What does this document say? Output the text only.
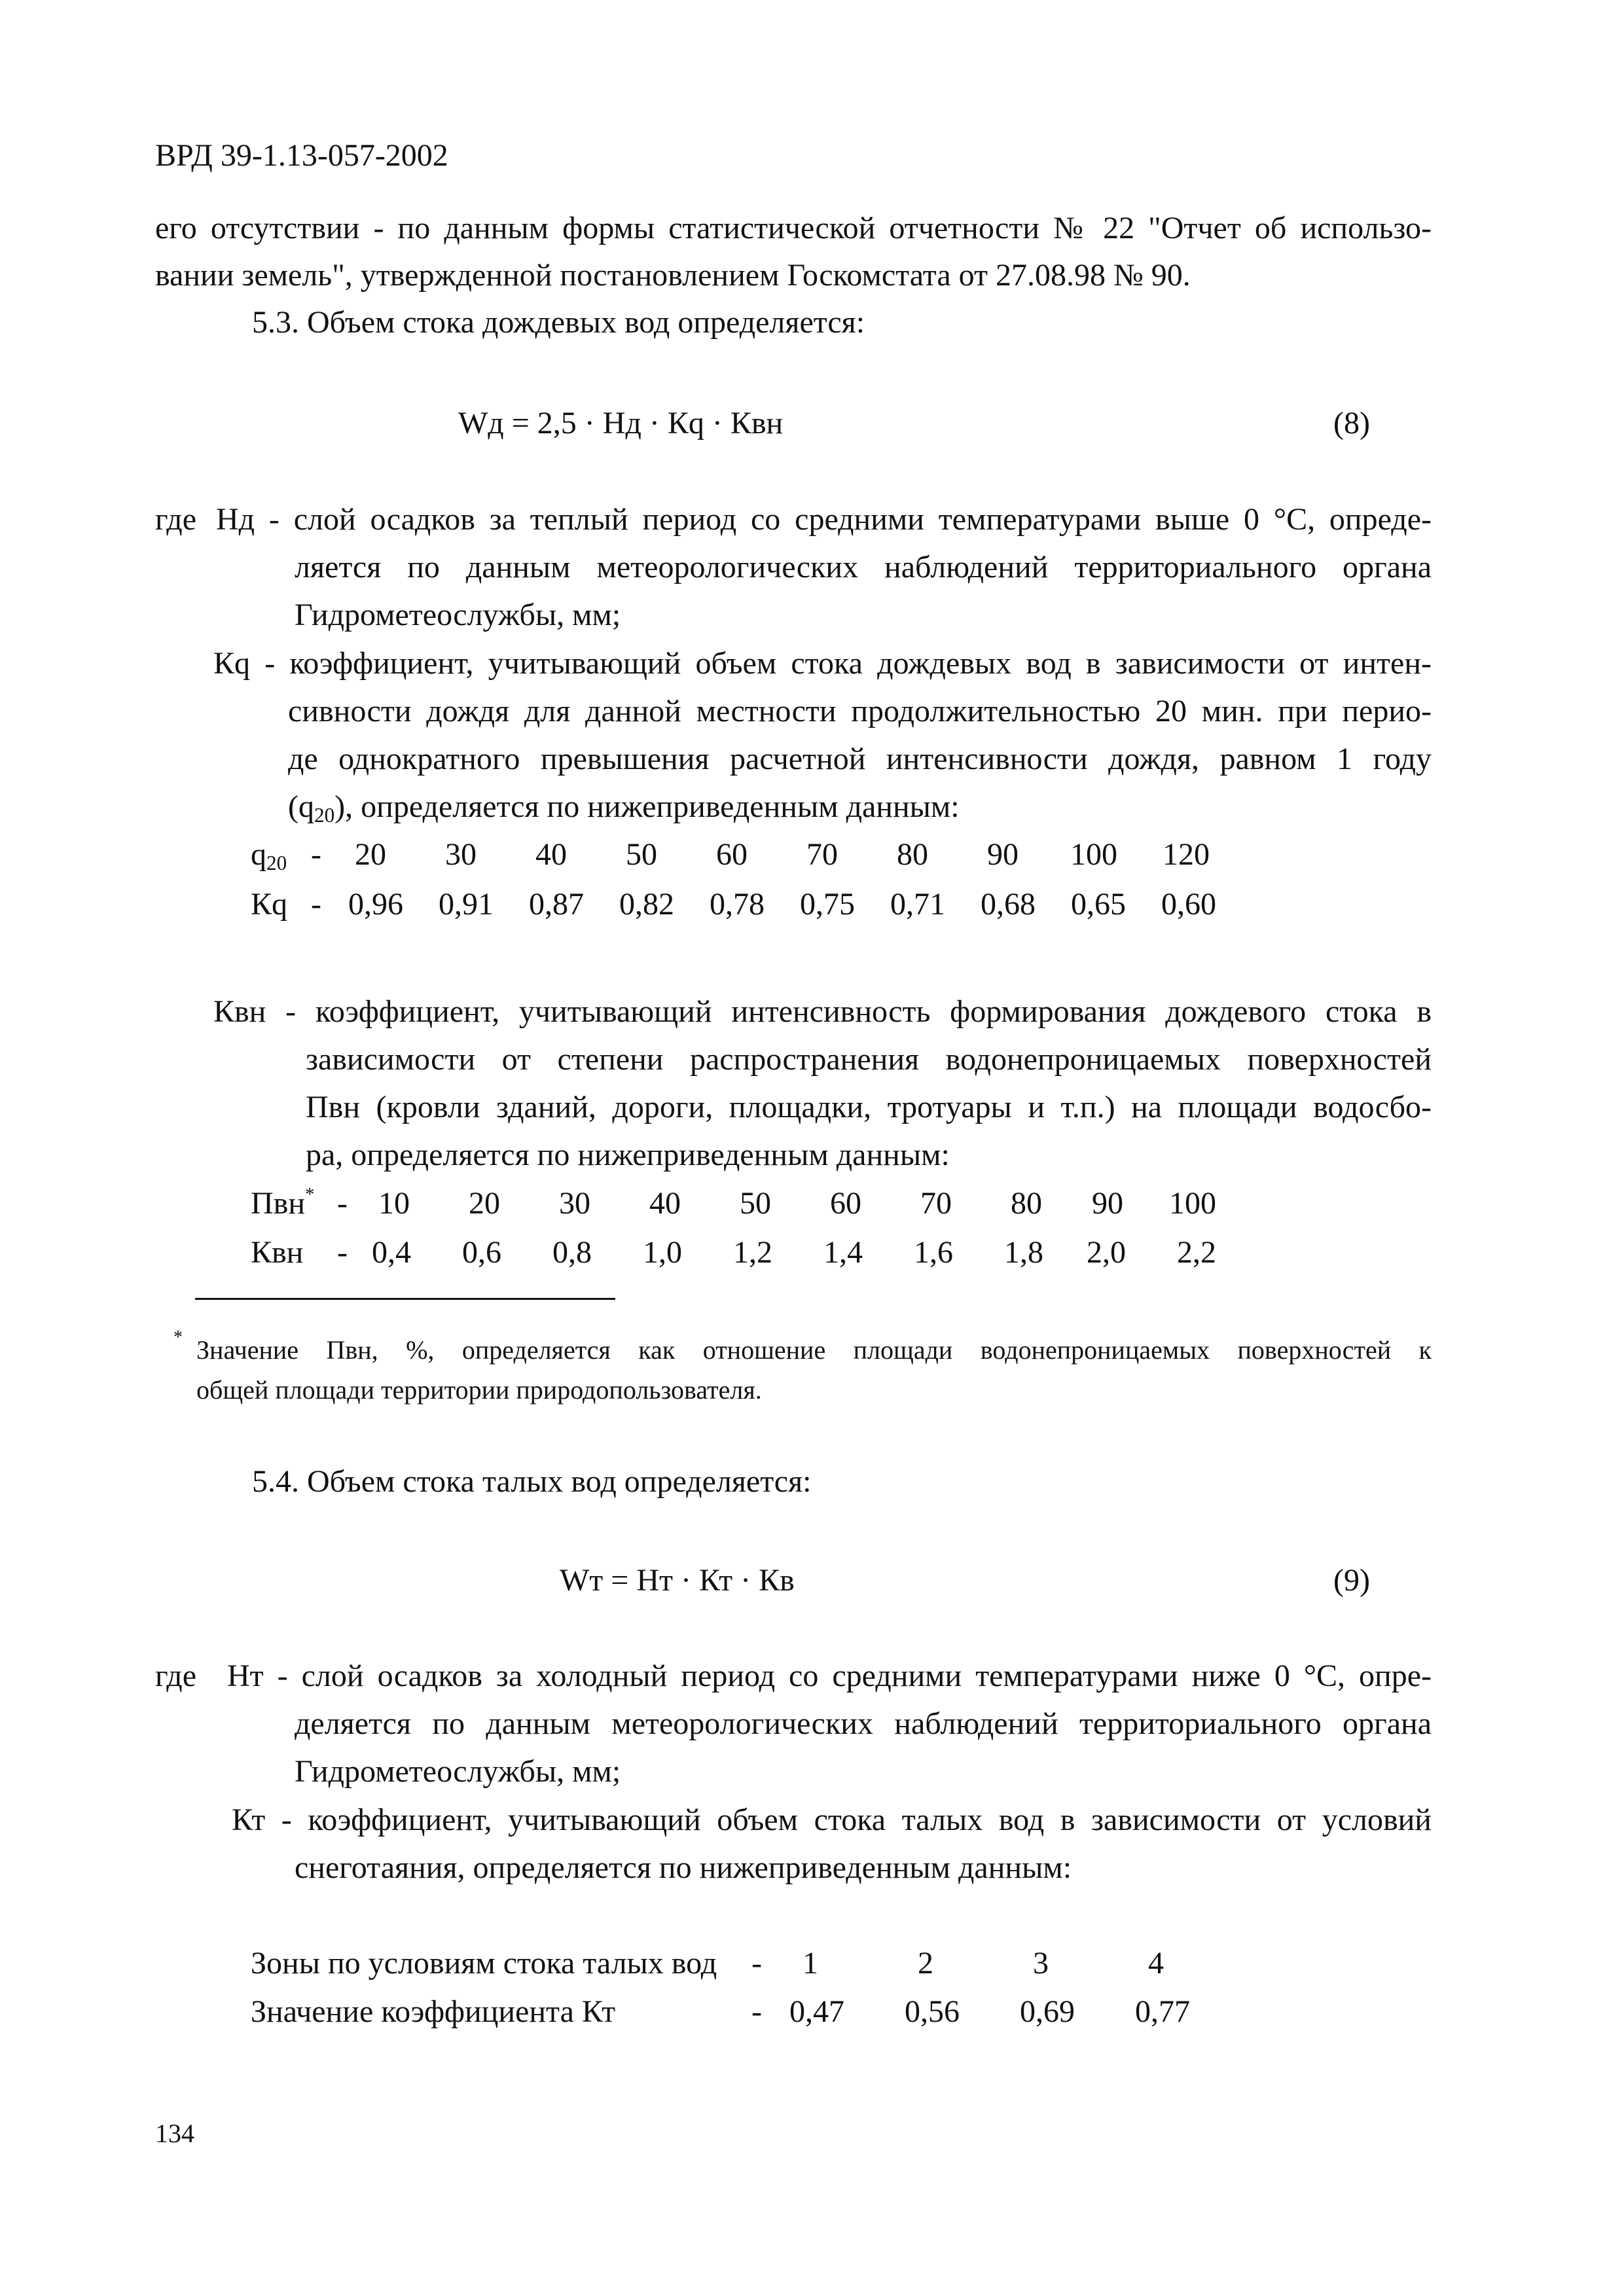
ВРД 39-1.13-057-2002
его отсутствии - по данным формы статистической отчетности № 22 "Отчет об использо-
вании земель", утвержденной постановлением Госкомстата от 27.08.98 № 90.
5.3. Объем стока дождевых вод определяется:
Wд = 2,5 · Нд · Кq · Квн	(8)
где Нд - слой осадков за теплый период со средними температурами выше 0 °С, опреде-
ляется по данным метеорологических наблюдений территориального органа
Гидрометеослужбы, мм;
Кq - коэффициент, учитывающий объем стока дождевых вод в зависимости от интен-
сивности дождя для данной местности продолжительностью 20 мин. при перио-
де однократного превышения расчетной интенсивности дождя, равном 1 году
$(q_{20})$, определяется по нижеприведенным данным:
$q_{20} - 20$ 30 40 50 60 70 80 90 100 120
Кq - 0,96 0,91 0,87 0,82 0,78 0,75 0,71 0,68 0,65 0,60
Квн - коэффициент, учитывающий интенсивность формирования дождевого стока в
зависимости от степени распространения водонепроницаемых поверхностей
Пвн (кровли зданий, дороги, площадки, тротуары и т.п.) на площади водосбо-
ра, определяется по нижеприведенным данным:
Пвн* - 10 20 30 40 50 60 70 80 90 100
Квн - 0,4 0,6 0,8 1,0 1,2 1,4 1,6 1,8 2,0 2,2
* Значение Пвн, %, определяется как отношение площади водонепроницаемых поверхностей к
общей площади территории природопользователя.
5.4. Объем стока талых вод определяется:
Wт = Нт · Кт · Кв	(9)
где Нт - слой осадков за холодный период со средними температурами ниже 0 °С, опре-
деляется по данным метеорологических наблюдений территориального органа
Гидрометеослужбы, мм;
Кт - коэффициент, учитывающий объем стока талых вод в зависимости от условий
снеготаяния, определяется по нижеприведенным данным:
Зоны по условиям стока талых вод - 1	2	3	4
Значение коэффициента Кт	- 0,47 0,56 0,69 0,77
134
